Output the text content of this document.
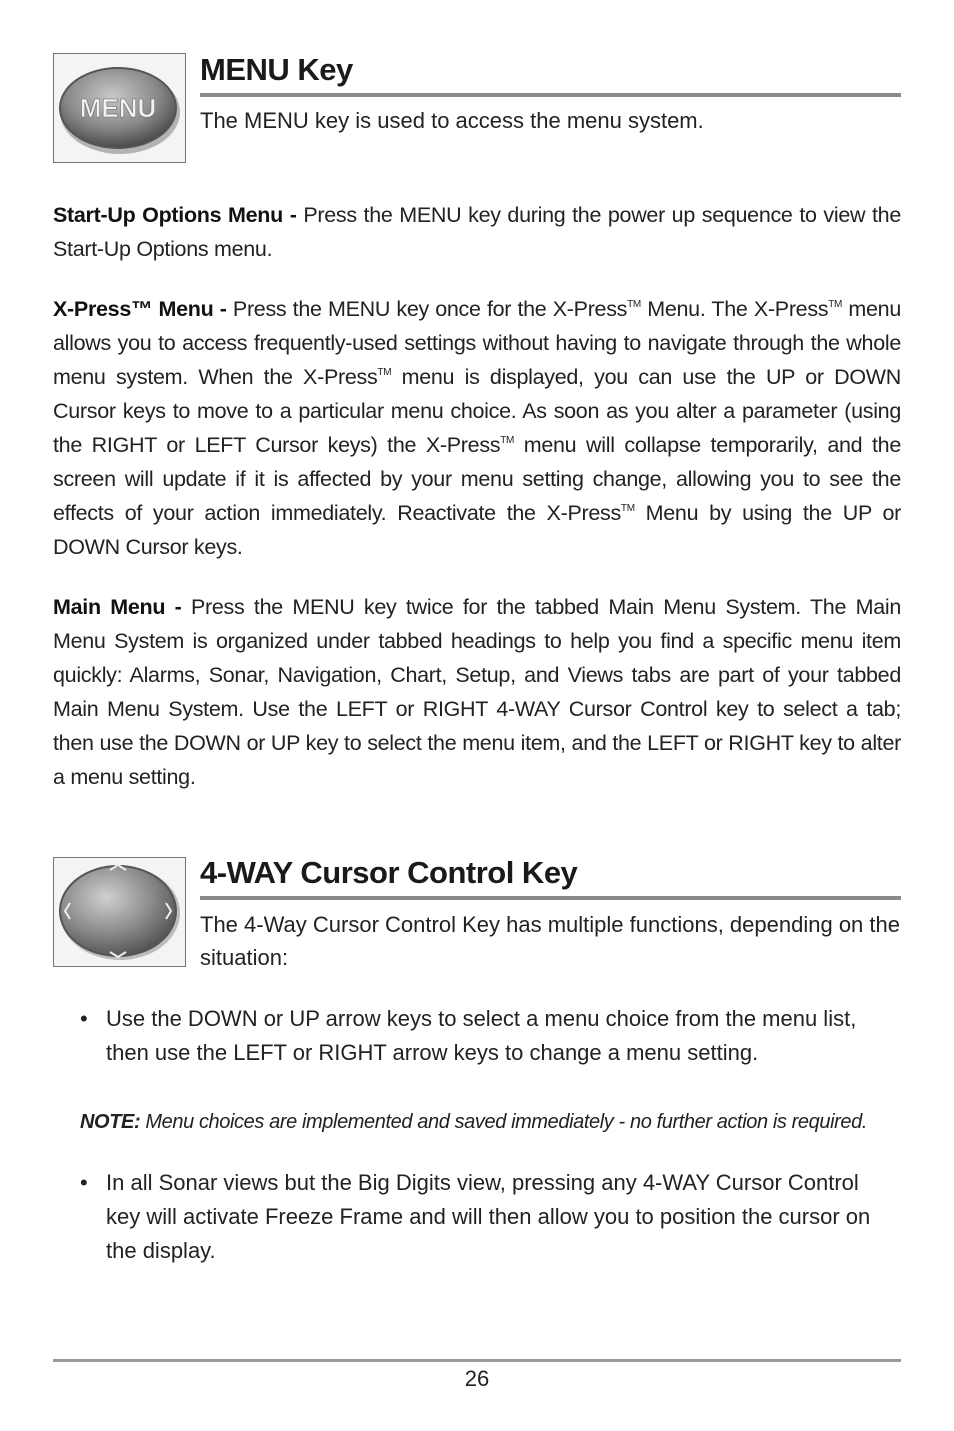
MENU
MENU Key
The MENU key is used to access the menu system.
Start-Up Options Menu - Press the MENU key during the power up sequence to view the Start-Up Options menu.
X-Press™ Menu - Press the MENU key once for the X-Press™ Menu. The X-Press™ menu allows you to access frequently-used settings without having to navigate through the whole menu system. When the X-Press™ menu is displayed, you can use the UP or DOWN Cursor keys to move to a particular menu choice. As soon as you alter a parameter (using the RIGHT or LEFT Cursor keys) the X-Press™ menu will collapse temporarily, and the screen will update if it is affected by your menu setting change, allowing you to see the effects of your action immediately. Reactivate the X-Press™ Menu by using the UP or DOWN Cursor keys.
Main Menu - Press the MENU key twice for the tabbed Main Menu System. The Main Menu System is organized under tabbed headings to help you find a specific menu item quickly: Alarms, Sonar, Navigation, Chart, Setup, and Views tabs are part of your tabbed Main Menu System. Use the LEFT or RIGHT 4-WAY Cursor Control key to select a tab; then use the DOWN or UP key to select the menu item, and the LEFT or RIGHT key to alter a menu setting.
4-WAY Cursor Control Key
The 4-Way Cursor Control Key has multiple functions, depending on the situation:
• Use the DOWN or UP arrow keys to select a menu choice from the menu list, then use the LEFT or RIGHT arrow keys to change a menu setting.
NOTE: Menu choices are implemented and saved immediately - no further action is required.
• In all Sonar views but the Big Digits view, pressing any 4-WAY Cursor Control key will activate Freeze Frame and will then allow you to position the cursor on the display.
26
